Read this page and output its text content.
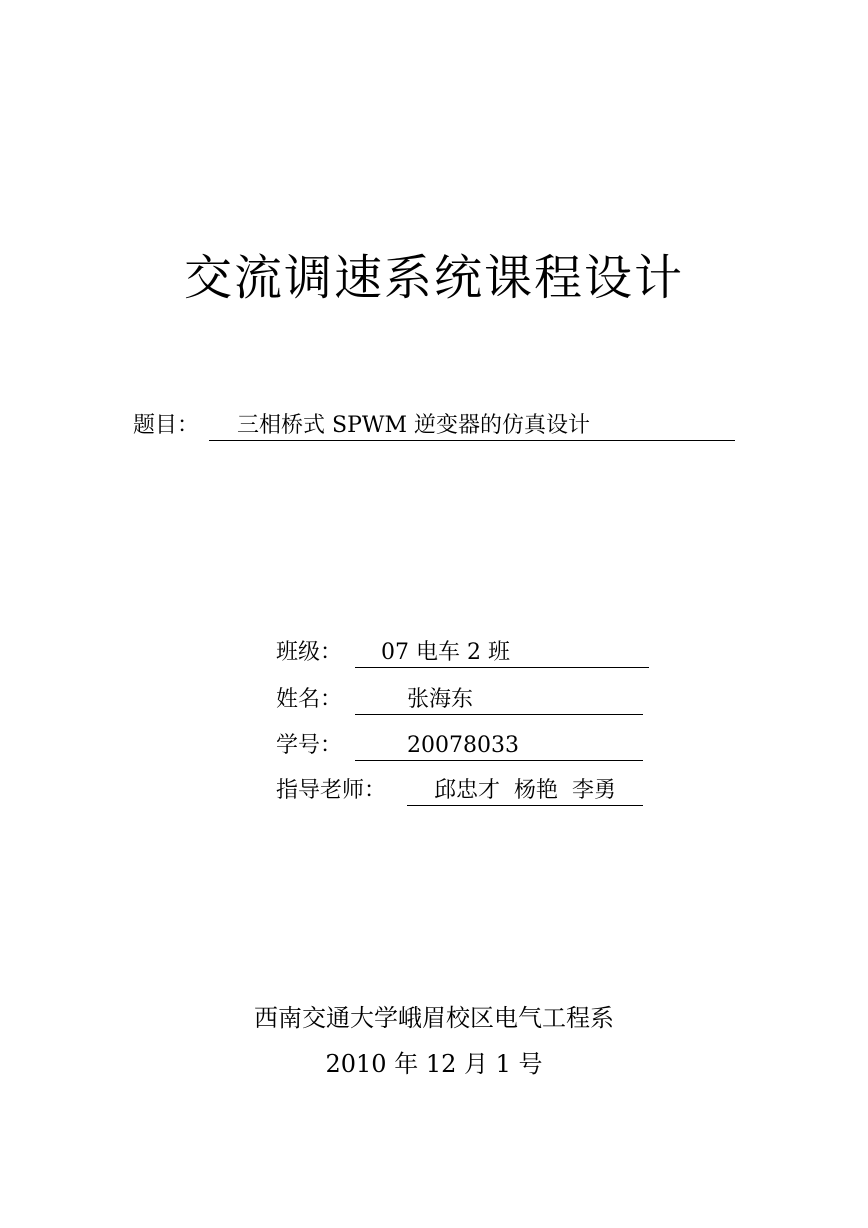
交流调速系统课程设计
题目：	三相桥式 SPWM 逆变器的仿真设计
班级：	07 电车 2 班
姓名：	张海东
学号：	20078033
指导老师：	邱忠才  杨艳  李勇
西南交通大学峨眉校区电气工程系
2010 年 12 月 1 号
